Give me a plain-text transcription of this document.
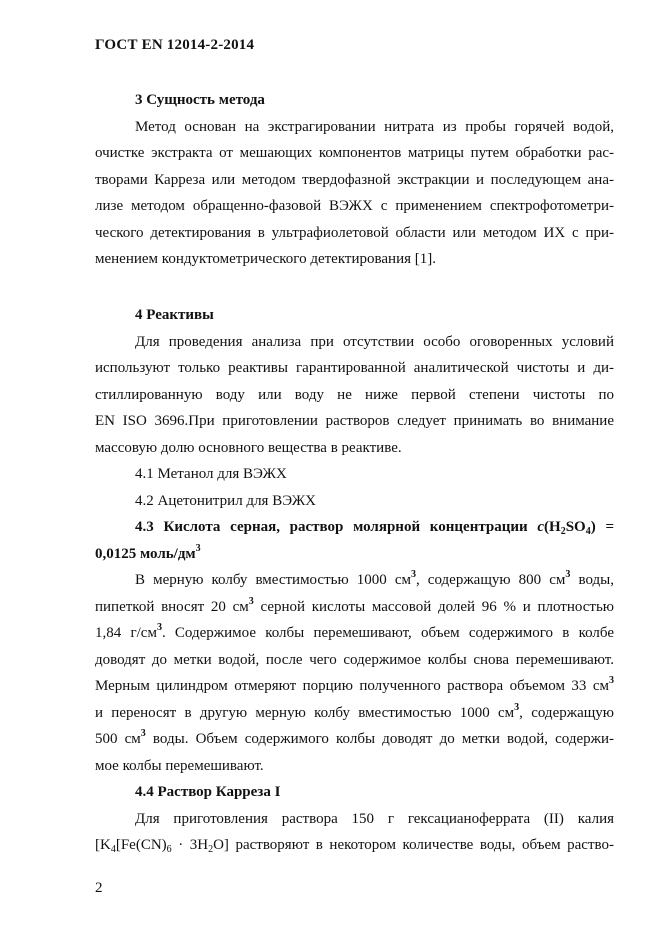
ГОСТ EN 12014-2-2014
3 Сущность метода
Метод основан на экстрагировании нитрата из пробы горячей водой,
очистке экстракта от мешающих компонентов матрицы путем обработки рас-
творами Карреза или методом твердофазной экстракции и последующем ана-
лизе методом обращенно-фазовой ВЭЖХ с применением спектрофотометри-
ческого детектирования в ультрафиолетовой области или методом ИХ с при-
менением кондуктометрического детектирования [1].
4 Реактивы
Для проведения анализа при отсутствии особо оговоренных условий
используют только реактивы гарантированной аналитической чистоты и ди-
стиллированную воду или воду не ниже первой степени чистоты по
EN ISO 3696.При приготовлении растворов следует принимать во внимание
массовую долю основного вещества в реактиве.
4.1 Метанол для ВЭЖХ
4.2 Ацетонитрил для ВЭЖХ
4.3 Кислота серная, раствор молярной концентрации $c(H_2SO_4)$ =
0,0125 моль/$дм^3$
В мерную колбу вместимостью 1000 $см^3$, содержащую 800 $см^3$ воды,
пипеткой вносят 20 $см^3$ серной кислоты массовой долей 96 % и плотностью
1,84 $г/см^3$. Содержимое колбы перемешивают, объем содержимого в колбе
доводят до метки водой, после чего содержимое колбы снова перемешивают.
Мерным цилиндром отмеряют порцию полученного раствора объемом 33 $см^3$
и переносят в другую мерную колбу вместимостью 1000 $см^3$, содержащую
500 $см^3$ воды. Объем содержимого колбы доводят до метки водой, содержи-
мое колбы перемешивают.
4.4 Раствор Карреза I
Для приготовления раствора 150 г гексацианоферрата (II) калия
[$K_4[Fe(CN)_6 \cdot 3H_2O]$ растворяют в некотором количестве воды, объем раство-
2
